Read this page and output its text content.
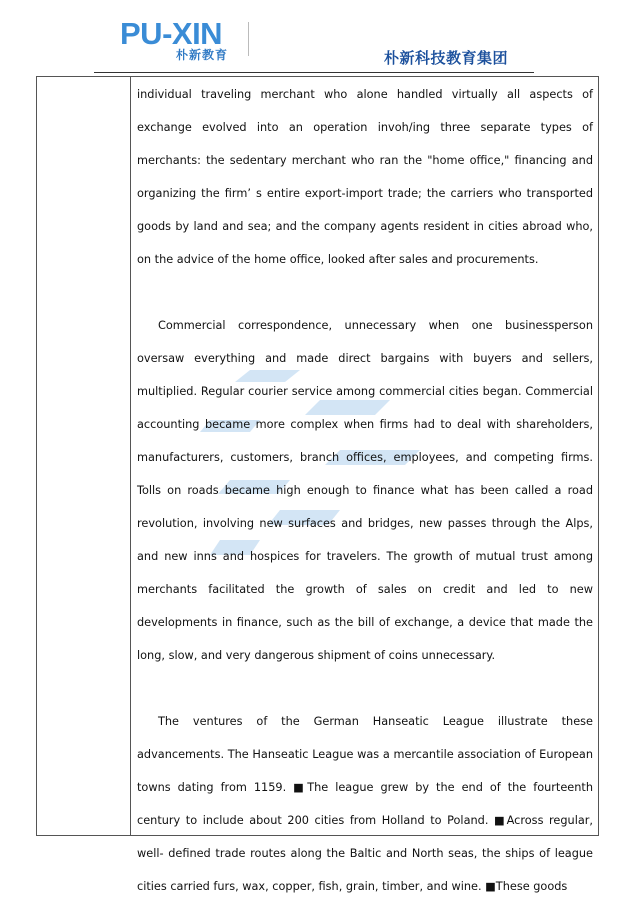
PU-XIN
朴新教育	朴新科技教育集团

individual traveling merchant who alone handled virtually all aspects of exchange evolved into an operation invoh/ing three separate types of merchants: the sedentary merchant who ran the "home office," financing and organizing the firm’ s entire export-import trade; the carriers who transported goods by land and sea; and the company agents resident in cities abroad who, on the advice of the home office, looked after sales and procurements.

Commercial correspondence, unnecessary when one businessperson oversaw everything and made direct bargains with buyers and sellers, multiplied. Regular courier service among commercial cities began. Commercial accounting became more complex when firms had to deal with shareholders, manufacturers, customers, branch offices, employees, and competing firms. Tolls on roads became high enough to finance what has been called a road revolution, involving new surfaces and bridges, new passes through the Alps, and new inns and hospices for travelers. The growth of mutual trust among merchants facilitated the growth of sales on credit and led to new developments in finance, such as the bill of exchange, a device that made the long, slow, and very dangerous shipment of coins unnecessary.

The ventures of the German Hanseatic League illustrate these advancements. The Hanseatic League was a mercantile association of European towns dating from 1159. ■The league grew by the end of the fourteenth century to include about 200 cities from Holland to Poland. ■Across regular, well- defined trade routes along the Baltic and North seas, the ships of league cities carried furs, wax, copper, fish, grain, timber, and wine. ■These goods
